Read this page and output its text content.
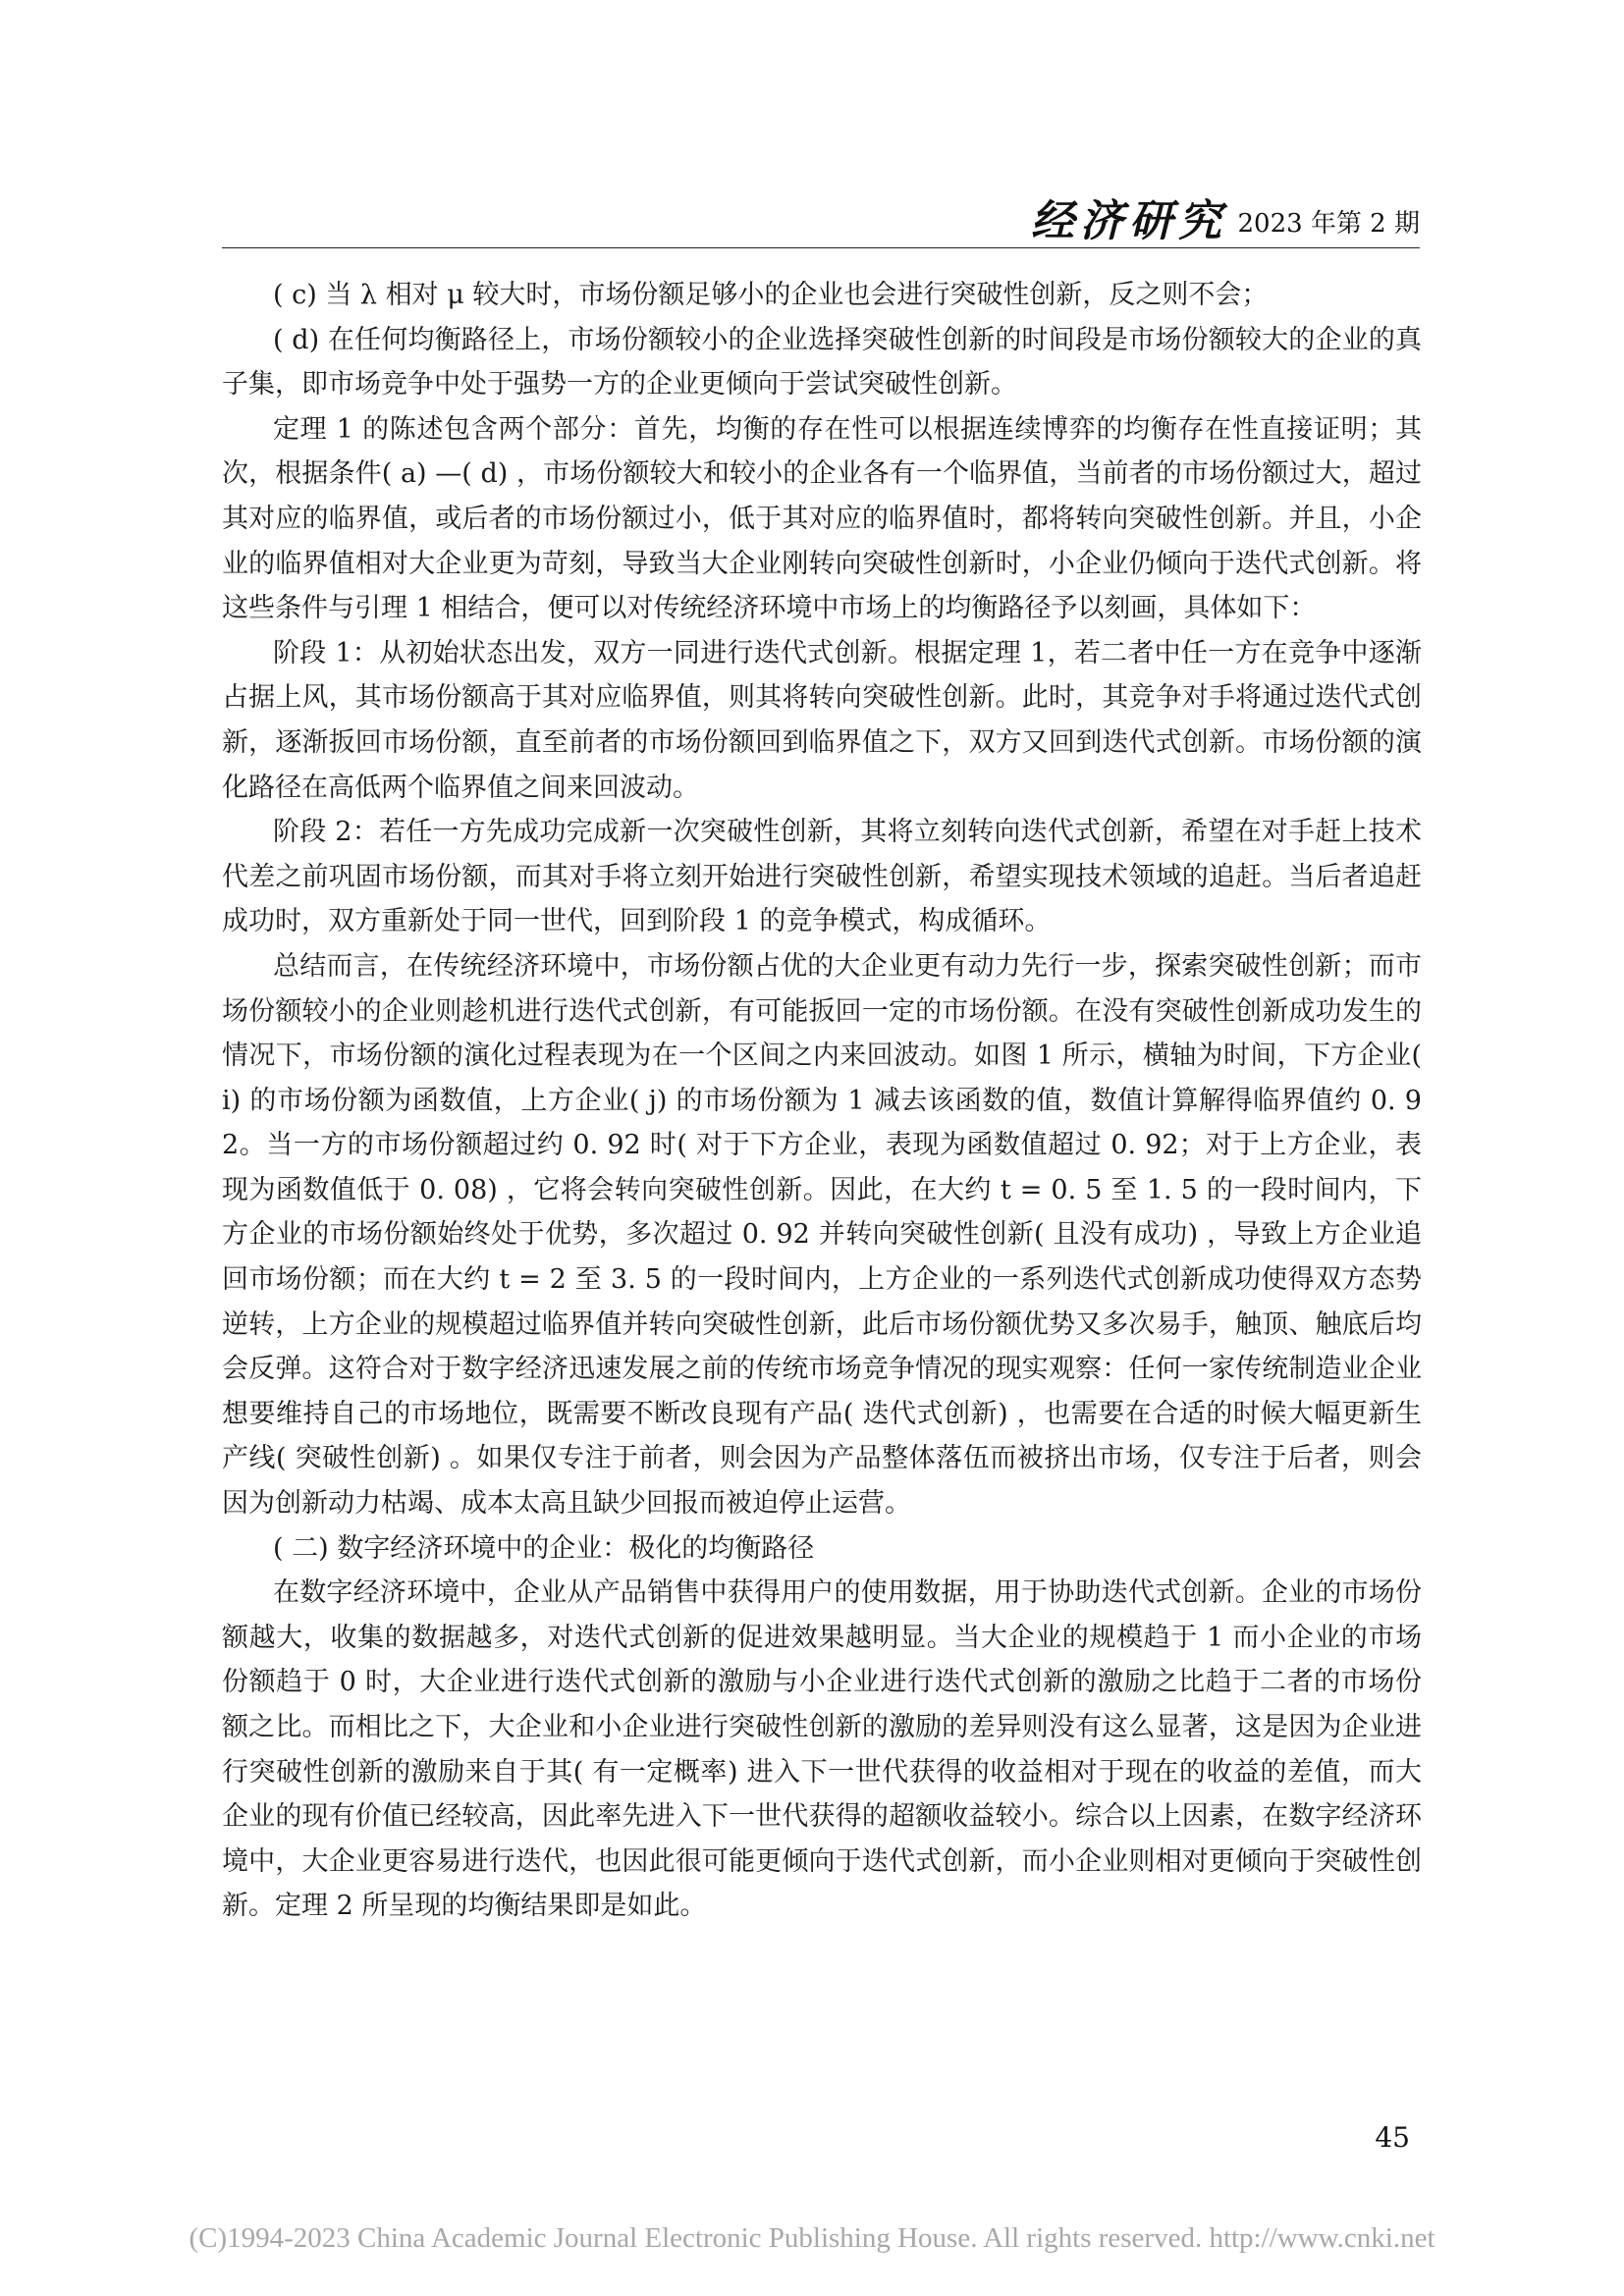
经济研究 2023 年第 2 期

( c) 当 λ 相对 μ 较大时，市场份额足够小的企业也会进行突破性创新，反之则不会；

( d) 在任何均衡路径上，市场份额较小的企业选择突破性创新的时间段是市场份额较大的企业的真子集，即市场竞争中处于强势一方的企业更倾向于尝试突破性创新。

定理 1 的陈述包含两个部分：首先，均衡的存在性可以根据连续博弈的均衡存在性直接证明；其次，根据条件( a) —( d) ，市场份额较大和较小的企业各有一个临界值，当前者的市场份额过大，超过其对应的临界值，或后者的市场份额过小，低于其对应的临界值时，都将转向突破性创新。并且，小企业的临界值相对大企业更为苛刻，导致当大企业刚转向突破性创新时，小企业仍倾向于迭代式创新。将这些条件与引理 1 相结合，便可以对传统经济环境中市场上的均衡路径予以刻画，具体如下：

阶段 1：从初始状态出发，双方一同进行迭代式创新。根据定理 1，若二者中任一方在竞争中逐渐占据上风，其市场份额高于其对应临界值，则其将转向突破性创新。此时，其竞争对手将通过迭代式创新，逐渐扳回市场份额，直至前者的市场份额回到临界值之下，双方又回到迭代式创新。市场份额的演化路径在高低两个临界值之间来回波动。

阶段 2：若任一方先成功完成新一次突破性创新，其将立刻转向迭代式创新，希望在对手赶上技术代差之前巩固市场份额，而其对手将立刻开始进行突破性创新，希望实现技术领域的追赶。当后者追赶成功时，双方重新处于同一世代，回到阶段 1 的竞争模式，构成循环。

总结而言，在传统经济环境中，市场份额占优的大企业更有动力先行一步，探索突破性创新；而市场份额较小的企业则趁机进行迭代式创新，有可能扳回一定的市场份额。在没有突破性创新成功发生的情况下，市场份额的演化过程表现为在一个区间之内来回波动。如图 1 所示，横轴为时间，下方企业( i) 的市场份额为函数值，上方企业( j) 的市场份额为 1 减去该函数的值，数值计算解得临界值约 0. 92。当一方的市场份额超过约 0. 92 时( 对于下方企业，表现为函数值超过 0. 92；对于上方企业，表现为函数值低于 0. 08) ，它将会转向突破性创新。因此，在大约 t = 0. 5 至 1. 5 的一段时间内，下方企业的市场份额始终处于优势，多次超过 0. 92 并转向突破性创新( 且没有成功) ，导致上方企业追回市场份额；而在大约 t = 2 至 3. 5 的一段时间内，上方企业的一系列迭代式创新成功使得双方态势逆转，上方企业的规模超过临界值并转向突破性创新，此后市场份额优势又多次易手，触顶、触底后均会反弹。这符合对于数字经济迅速发展之前的传统市场竞争情况的现实观察：任何一家传统制造业企业想要维持自己的市场地位，既需要不断改良现有产品( 迭代式创新) ，也需要在合适的时候大幅更新生产线( 突破性创新) 。如果仅专注于前者，则会因为产品整体落伍而被挤出市场，仅专注于后者，则会因为创新动力枯竭、成本太高且缺少回报而被迫停止运营。

( 二) 数字经济环境中的企业：极化的均衡路径

在数字经济环境中，企业从产品销售中获得用户的使用数据，用于协助迭代式创新。企业的市场份额越大，收集的数据越多，对迭代式创新的促进效果越明显。当大企业的规模趋于 1 而小企业的市场份额趋于 0 时，大企业进行迭代式创新的激励与小企业进行迭代式创新的激励之比趋于二者的市场份额之比。而相比之下，大企业和小企业进行突破性创新的激励的差异则没有这么显著，这是因为企业进行突破性创新的激励来自于其( 有一定概率) 进入下一世代获得的收益相对于现在的收益的差值，而大企业的现有价值已经较高，因此率先进入下一世代获得的超额收益较小。综合以上因素，在数字经济环境中，大企业更容易进行迭代，也因此很可能更倾向于迭代式创新，而小企业则相对更倾向于突破性创新。定理 2 所呈现的均衡结果即是如此。

45
(C)1994-2023 China Academic Journal Electronic Publishing House. All rights reserved. http://www.cnki.net
